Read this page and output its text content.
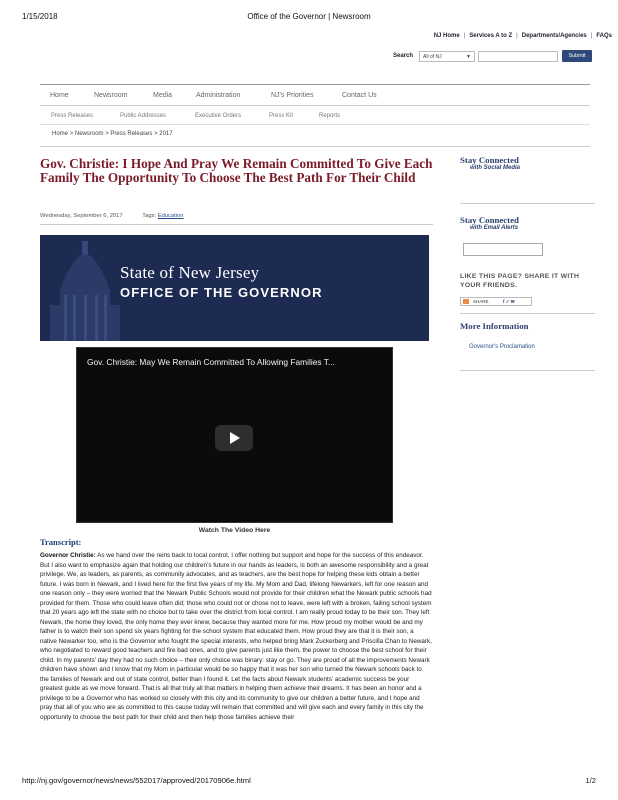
1/15/2018	Office of the Governor | Newsroom
NJ Home | Services A to Z | Departments/Agencies | FAQs
Search	All of NJ	▼	Submit
Home	Newsroom	Media	Administration	NJ's Priorities	Contact Us
Press Releases	Public Addresses	Executive Orders	Press Kit	Reports
Home > Newsroom > Press Releases > 2017
Gov. Christie: I Hope And Pray We Remain Committed To Give Each Family The Opportunity To Choose The Best Path For Their Child
Wednesday, September 6, 2017	Tags: Education
State of New Jersey
OFFICE OF THE GOVERNOR
Gov. Christie: May We Remain Committed To Allowing Families T...
Watch The Video Here
Transcript:

Governor Christie: As we hand over the reins back to local control, I offer nothing but support and hope for the success of this endeavor. But I also want to emphasize again that holding our children’s future in our hands as leaders, is both an awesome responsibility and a great privilege. We, as leaders, as parents, as community advocates, and as teachers, are the best hope for helping these kids obtain a better future. I was born in Newark, and I lived here for the first five years of my life. My Mom and Dad, lifelong Newarkers, left for one reason and one reason only – they were worried that the Newark Public Schools would not provide for their children what the Newark public schools had provided for them. Those who could leave often did; those who could not or chose not to leave, were left with a broken, failing school system that 20 years ago left the state with no choice but to take over the district from local control. I am really proud today to be their son. They left Newark, the home they loved, the only home they ever knew, because they wanted more for me. How proud my mother would be and my father is to watch their son spend six years fighting for the school system that educated them. How proud they are that it is their son, a native Newarker too, who is the Governor who fought the special interests, who helped bring Mark Zuckerberg and Priscilla Chan to Newark, who negotiated to reward good teachers and fire bad ones, and to give parents just like them, the power to choose the best school for their child. In my parents’ day they had no such choice – their only choice was binary: stay or go. They are proud of all the improvements Newark children have shown and I know that my Mom in particular would be so happy that it was her son who turned the Newark schools back to the families of Newark and out of state control, better than I found it. Let the facts about Newark students’ academic success be your greatest guide as we move forward. That is all that truly all that matters in helping them achieve their dreams. It has been an honor and a privilege to be a Governor who has worked so closely with this city and its community to give our children a better future, and I hope and pray that all of you who are as committed to this cause today will remain that committed and will give each and every family in this city the opportunity to choose the best path for their child and then help those families achieve their

Stay Connected
with Social Media
Stay Connected
with Email Alerts
LIKE THIS PAGE? SHARE IT WITH YOUR FRIENDS.
SHARE	f ✓ ✉
More Information
Governor's Proclamation
http://nj.gov/governor/news/news/552017/approved/20170906e.html	1/2
